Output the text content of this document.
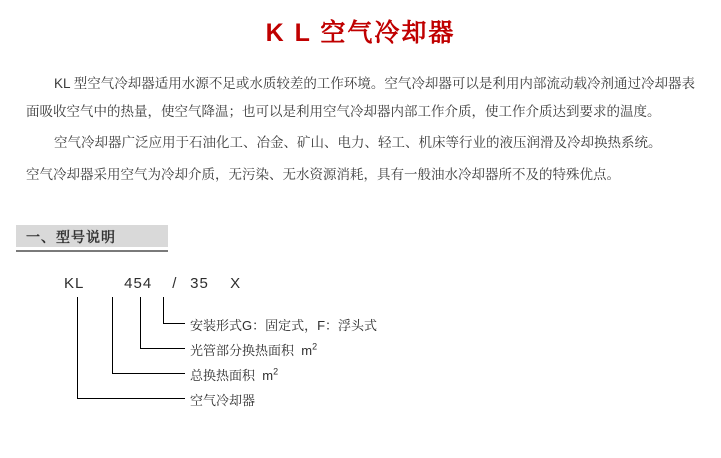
K L 空气冷却器

KL 型空气冷却器适用水源不足或水质较差的工作环境。空气冷却器可以是利用内部流动载冷剂通过冷却器表面吸收空气中的热量，使空气降温；也可以是利用空气冷却器内部工作介质，使工作介质达到要求的温度。

空气冷却器广泛应用于石油化工、冶金、矿山、电力、轻工、机床等行业的液压润滑及冷却换热系统。

空气冷却器采用空气为冷却介质，无污染、无水资源消耗，具有一般油水冷却器所不及的特殊优点。

一、型号说明
KL	454 / 35 X
安装形式G：固定式，F：浮头式
光管部分换热面积  $m^2$
总换热面积  $m^2$
空气冷却器
